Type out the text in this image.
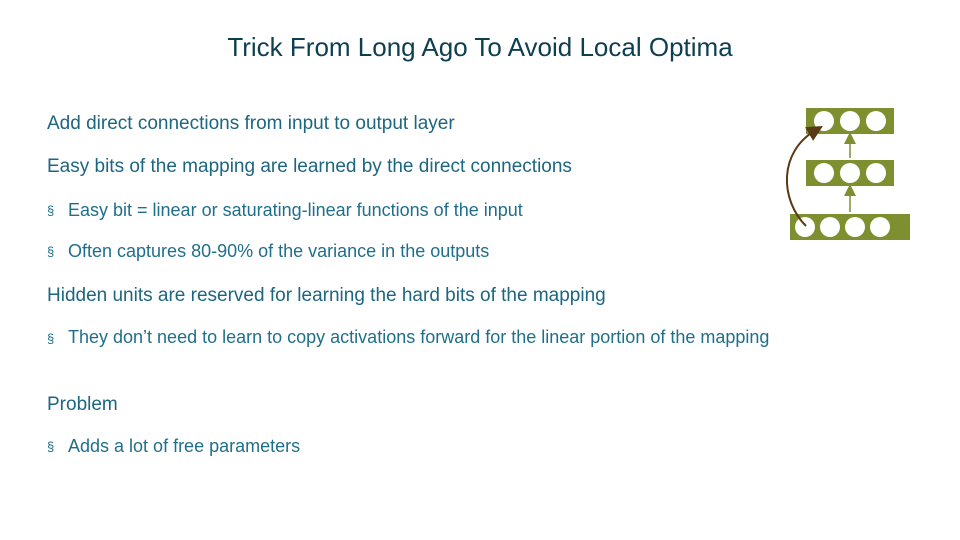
Trick From Long Ago To Avoid Local Optima
Add direct connections from input to output layer
Easy bits of the mapping are learned by the direct connections
§ Easy bit = linear or saturating-linear functions of the input
§ Often captures 80-90% of the variance in the outputs
Hidden units are reserved for learning the hard bits of the mapping
§ They don’t need to learn to copy activations forward for the linear portion of the mapping
Problem
§ Adds a lot of free parameters
